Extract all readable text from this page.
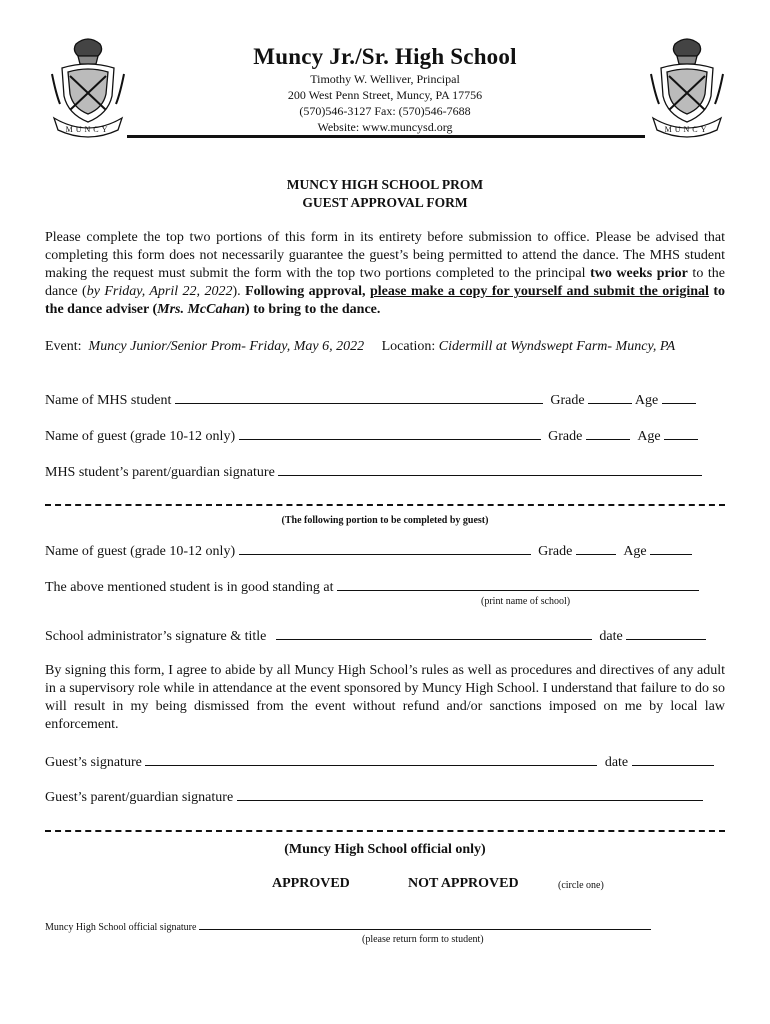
MUNCY	MUNCY
Muncy Jr./Sr. High School
Timothy W. Welliver, Principal
200 West Penn Street, Muncy, PA 17756
(570)546-3127 Fax: (570)546-7688
Website: www.muncysd.org
MUNCY HIGH SCHOOL PROM
GUEST APPROVAL FORM
Please complete the top two portions of this form in its entirety before submission to office. Please be advised that completing this form does not necessarily guarantee the guest’s being permitted to attend the dance. The MHS student making the request must submit the form with the top two portions completed to the principal two weeks prior to the dance (by Friday, April 22, 2022). Following approval, please make a copy for yourself and submit the original to the dance adviser (Mrs. McCahan) to bring to the dance.
Event: Muncy Junior/Senior Prom- Friday, May 6, 2022 Location: Cidermill at Wyndswept Farm- Muncy, PA
Name of MHS student	Grade	Age
Name of guest (grade 10-12 only)	Grade	Age
MHS student’s parent/guardian signature
(The following portion to be completed by guest)
Name of guest (grade 10-12 only)	Grade	Age
The above mentioned student is in good standing at
(print name of school)
School administrator’s signature & title	date
By signing this form, I agree to abide by all Muncy High School’s rules as well as procedures and directives of any adult in a supervisory role while in attendance at the event sponsored by Muncy High School. I understand that failure to do so will result in my being dismissed from the event without refund and/or sanctions imposed on me by local law enforcement.
Guest’s signature	date
Guest’s parent/guardian signature
(Muncy High School official only)
APPROVED	NOT APPROVED	(circle one)
Muncy High School official signature
(please return form to student)
